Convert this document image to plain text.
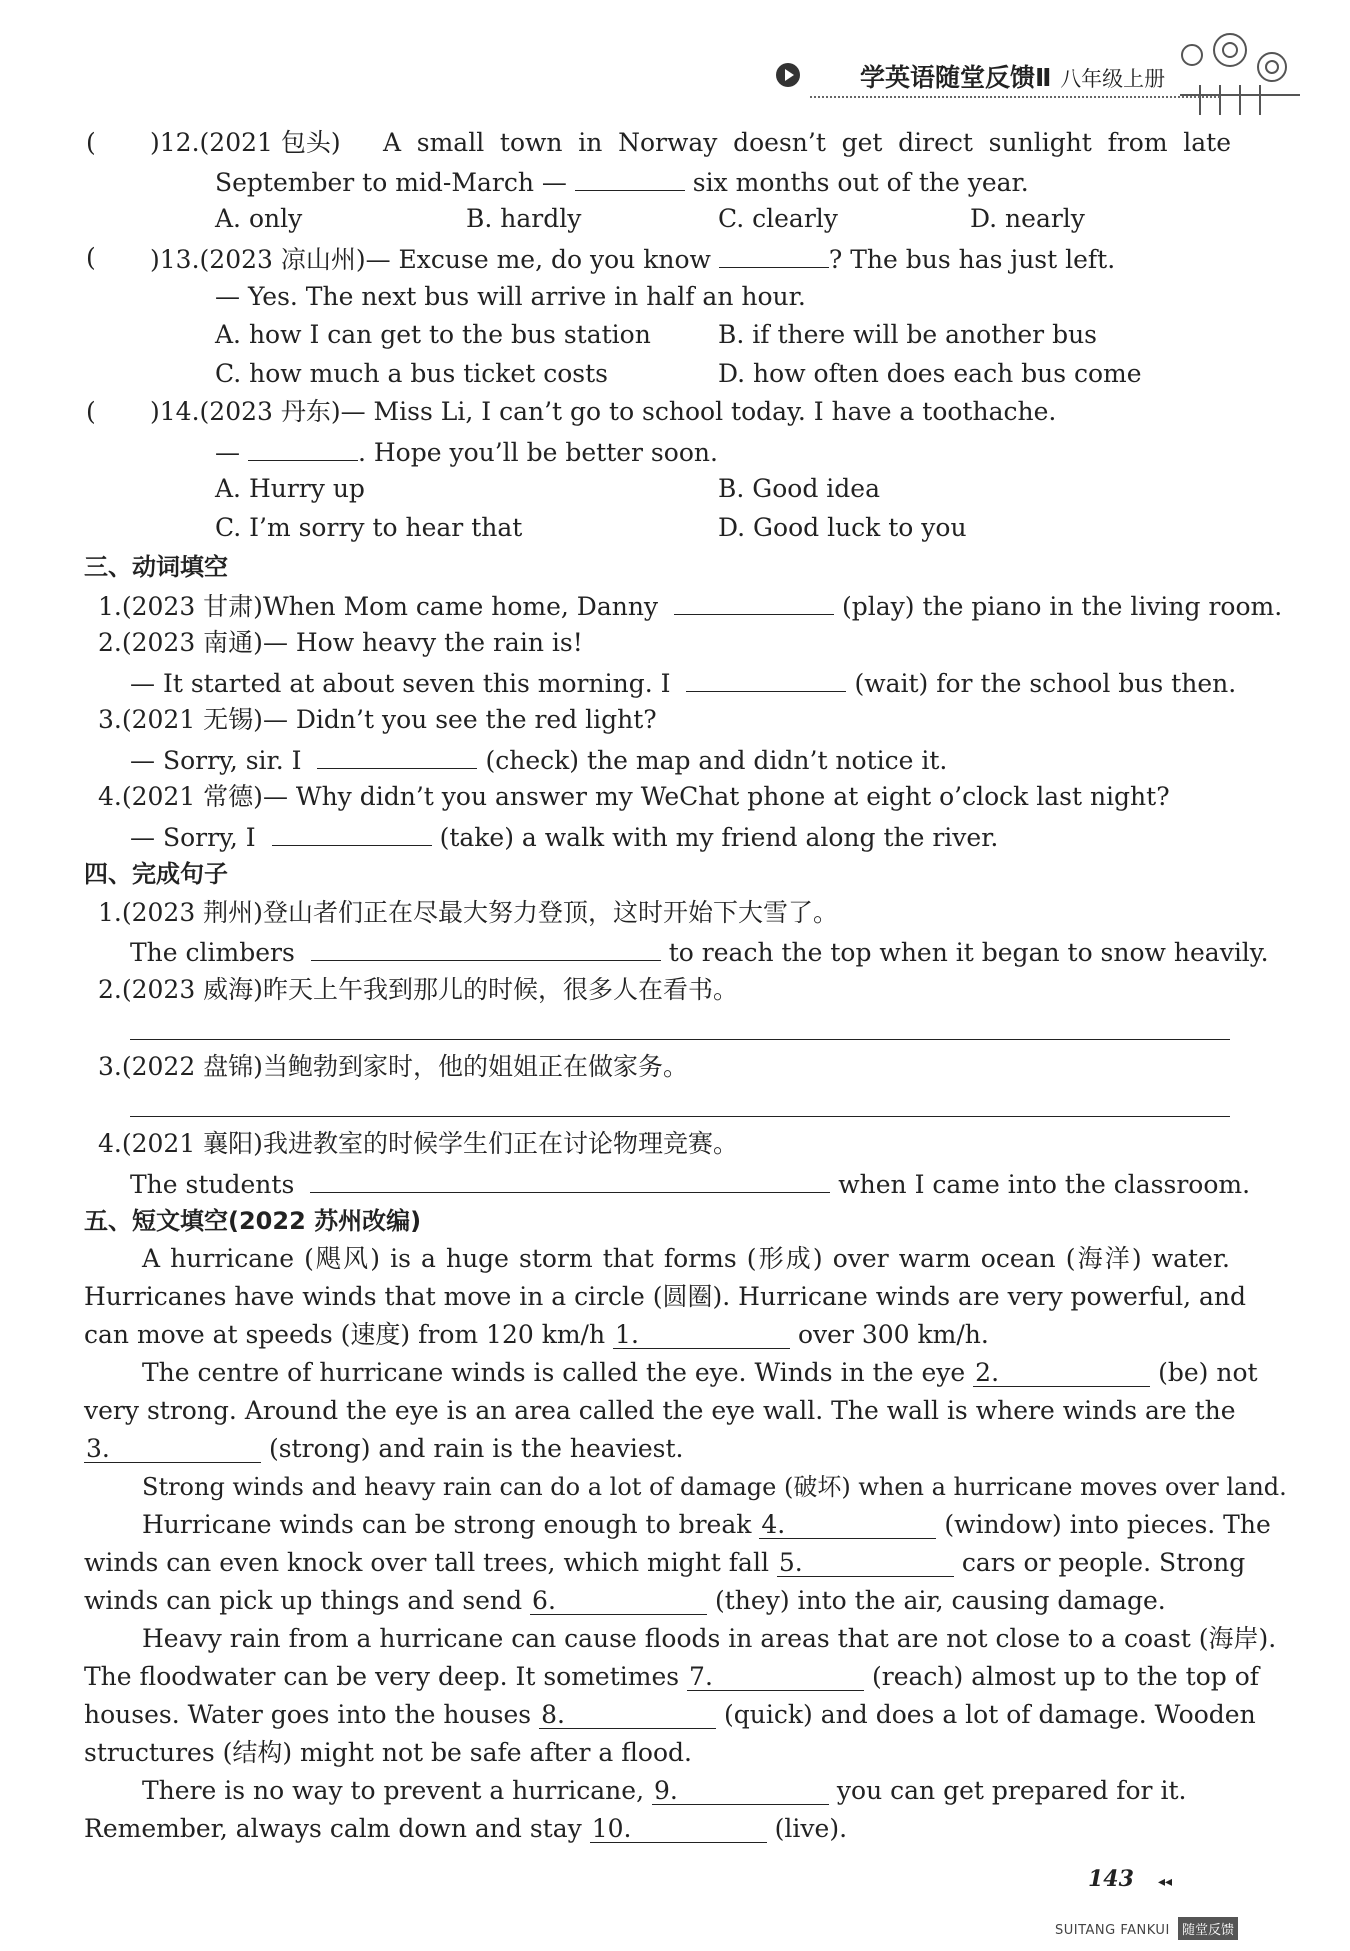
学英语随堂反馈Ⅱ 八年级上册
( )12.(2021 包头) A small town in Norway doesn’t get direct sunlight from late
September to mid-March —	six months out of the year.
A. only	B. hardly	C. clearly	D. nearly
( )13.(2023 凉山州)— Excuse me, do you know	? The bus has just left.
— Yes. The next bus will arrive in half an hour.
A. how I can get to the bus station	B. if there will be another bus
C. how much a bus ticket costs	D. how often does each bus come
( )14.(2023 丹东)— Miss Li, I can’t go to school today. I have a toothache.
—	. Hope you’ll be better soon.
A. Hurry up	B. Good idea
C. I’m sorry to hear that	D. Good luck to you
三、动词填空
1.(2023 甘肃)When Mom came home, Danny	(play) the piano in the living room.
2.(2023 南通)— How heavy the rain is!
— It started at about seven this morning. I	(wait) for the school bus then.
3.(2021 无锡)— Didn’t you see the red light?
— Sorry, sir. I	(check) the map and didn’t notice it.
4.(2021 常德)— Why didn’t you answer my WeChat phone at eight o’clock last night?
— Sorry, I	(take) a walk with my friend along the river.
四、完成句子
1.(2023 荆州)登山者们正在尽最大努力登顶，这时开始下大雪了。
The climbers	to reach the top when it began to snow heavily.
2.(2023 威海)昨天上午我到那儿的时候，很多人在看书。
3.(2022 盘锦)当鲍勃到家时，他的姐姐正在做家务。
4.(2021 襄阳)我进教室的时候学生们正在讨论物理竞赛。
The students	when I came into the classroom.
五、短文填空(2022 苏州改编)
A hurricane (飓风) is a huge storm that forms (形成) over warm ocean (海洋) water.
Hurricanes have winds that move in a circle (圆圈). Hurricane winds are very powerful, and
can move at speeds (速度) from 120 km/h 1.	over 300 km/h.
The centre of hurricane winds is called the eye. Winds in the eye 2.	(be) not
very strong. Around the eye is an area called the eye wall. The wall is where winds are the
3.	(strong) and rain is the heaviest.
Strong winds and heavy rain can do a lot of damage (破坏) when a hurricane moves over land.
Hurricane winds can be strong enough to break 4.	(window) into pieces. The
winds can even knock over tall trees, which might fall 5.	cars or people. Strong
winds can pick up things and send 6.	(they) into the air, causing damage.
Heavy rain from a hurricane can cause floods in areas that are not close to a coast (海岸).
The floodwater can be very deep. It sometimes 7.	(reach) almost up to the top of
houses. Water goes into the houses 8.	(quick) and does a lot of damage. Wooden
structures (结构) might not be safe after a flood.
There is no way to prevent a hurricane, 9.	you can get prepared for it.
Remember, always calm down and stay 10.	(live).
143 ◂◂
SUITANG FANKUI 随堂反馈
